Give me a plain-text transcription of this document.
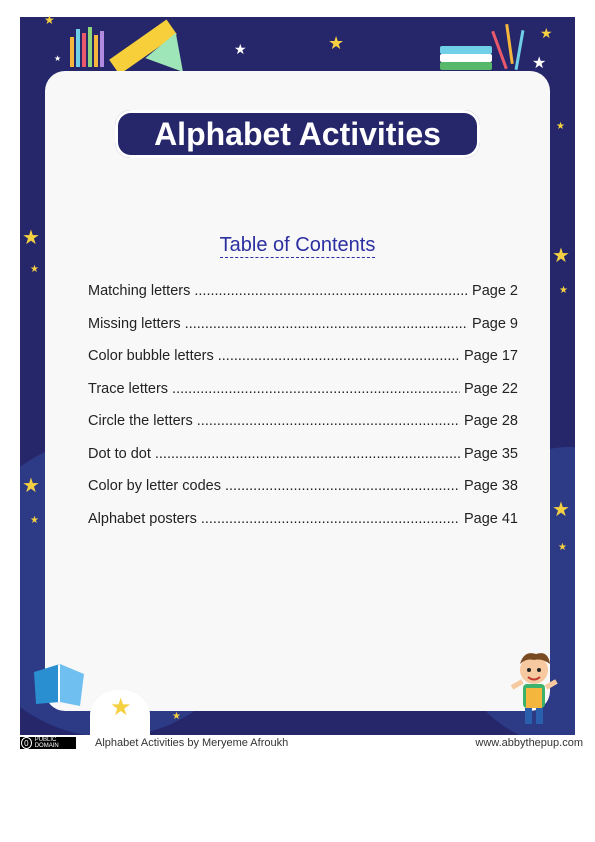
★
★	★
★
★
★
★
★
★
★
★
★
★	★
★
Alphabet Activities
Table of Contents
Matching letters .....	Page 2
Missing letters .....	Page 9
Color bubble letters .....	Page 17
Trace letters .....	Page 22
Circle the letters .....	Page 28
Dot to dot .....	Page 35
Color by letter codes .....	Page 38
Alphabet posters .....	Page 41
★	★
0	PUBLIC DOMAIN	Alphabet Activities by Meryeme Afroukh	www.abbythepup.com
